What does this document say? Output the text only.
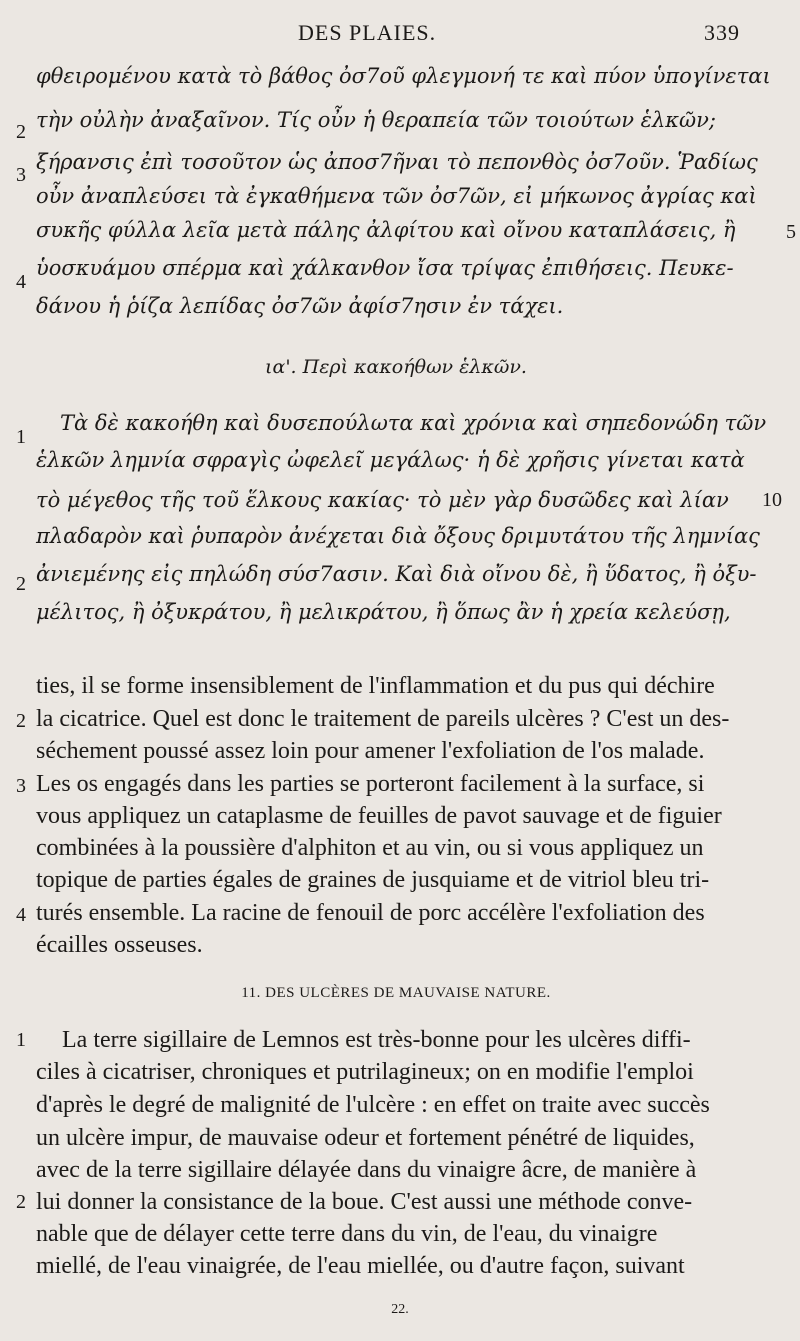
DES PLAIES.	339
φθειρομένου κατὰ τὸ βάθος ὀσ7οῦ φλεγμονή τε καὶ πύον ὑπογίνεται
τὴν οὐλὴν ἀναξαῖνον. Τίς οὖν ἡ θεραπεία τῶν τοιούτων ἑλκῶν;
ξήρανσις ἐπὶ τοσοῦτον ὡς ἀποσ7ῆναι τὸ πεπονθὸς ὀσ7οῦν. Ῥαδίως
οὖν ἀναπλεύσει τὰ ἐγκαθήμενα τῶν ὀσ7ῶν, εἰ μήκωνος ἀγρίας καὶ
συκῆς φύλλα λεῖα μετὰ πάλης ἀλφίτου καὶ οἴνου καταπλάσεις, ἢ
ὑοσκυάμου σπέρμα καὶ χάλκανθον ἴσα τρίψας ἐπιθήσεις. Πευκε-
δάνου ἡ ῥίζα λεπίδας ὀσ7ῶν ἀφίσ7ησιν ἐν τάχει.
ια'. Περὶ κακοήθων ἑλκῶν.
Τὰ δὲ κακοήθη καὶ δυσεπούλωτα καὶ χρόνια καὶ σηπεδονώδη τῶν
ἑλκῶν λημνία σφραγὶς ὠφελεῖ μεγάλως· ἡ δὲ χρῆσις γίνεται κατὰ
τὸ μέγεθος τῆς τοῦ ἕλκους κακίας· τὸ μὲν γὰρ δυσῶδες καὶ λίαν
πλαδαρὸν καὶ ῥυπαρὸν ἀνέχεται διὰ ὄξους δριμυτάτου τῆς λημνίας
ἀνιεμένης εἰς πηλώδη σύσ7ασιν. Καὶ διὰ οἴνου δὲ, ἢ ὕδατος, ἢ ὀξυ-
μέλιτος, ἢ ὀξυκράτου, ἢ μελικράτου, ἢ ὅπως ἂν ἡ χρεία κελεύσῃ,
2
3
4
1
2
5
10
ties, il se forme insensiblement de l'inflammation et du pus qui déchire
la cicatrice. Quel est donc le traitement de pareils ulcères ? C'est un des-
séchement poussé assez loin pour amener l'exfoliation de l'os malade.
Les os engagés dans les parties se porteront facilement à la surface, si
vous appliquez un cataplasme de feuilles de pavot sauvage et de figuier
combinées à la poussière d'alphiton et au vin, ou si vous appliquez un
topique de parties égales de graines de jusquiame et de vitriol bleu tri-
turés ensemble. La racine de fenouil de porc accélère l'exfoliation des
écailles osseuses.
11. DES ULCÈRES DE MAUVAISE NATURE.
La terre sigillaire de Lemnos est très-bonne pour les ulcères diffi-
ciles à cicatriser, chroniques et putrilagineux; on en modifie l'emploi
d'après le degré de malignité de l'ulcère : en effet on traite avec succès
un ulcère impur, de mauvaise odeur et fortement pénétré de liquides,
avec de la terre sigillaire délayée dans du vinaigre âcre, de manière à
lui donner la consistance de la boue. C'est aussi une méthode conve-
nable que de délayer cette terre dans du vin, de l'eau, du vinaigre
miellé, de l'eau vinaigrée, de l'eau miellée, ou d'autre façon, suivant
2
3
4
1
2
22.
